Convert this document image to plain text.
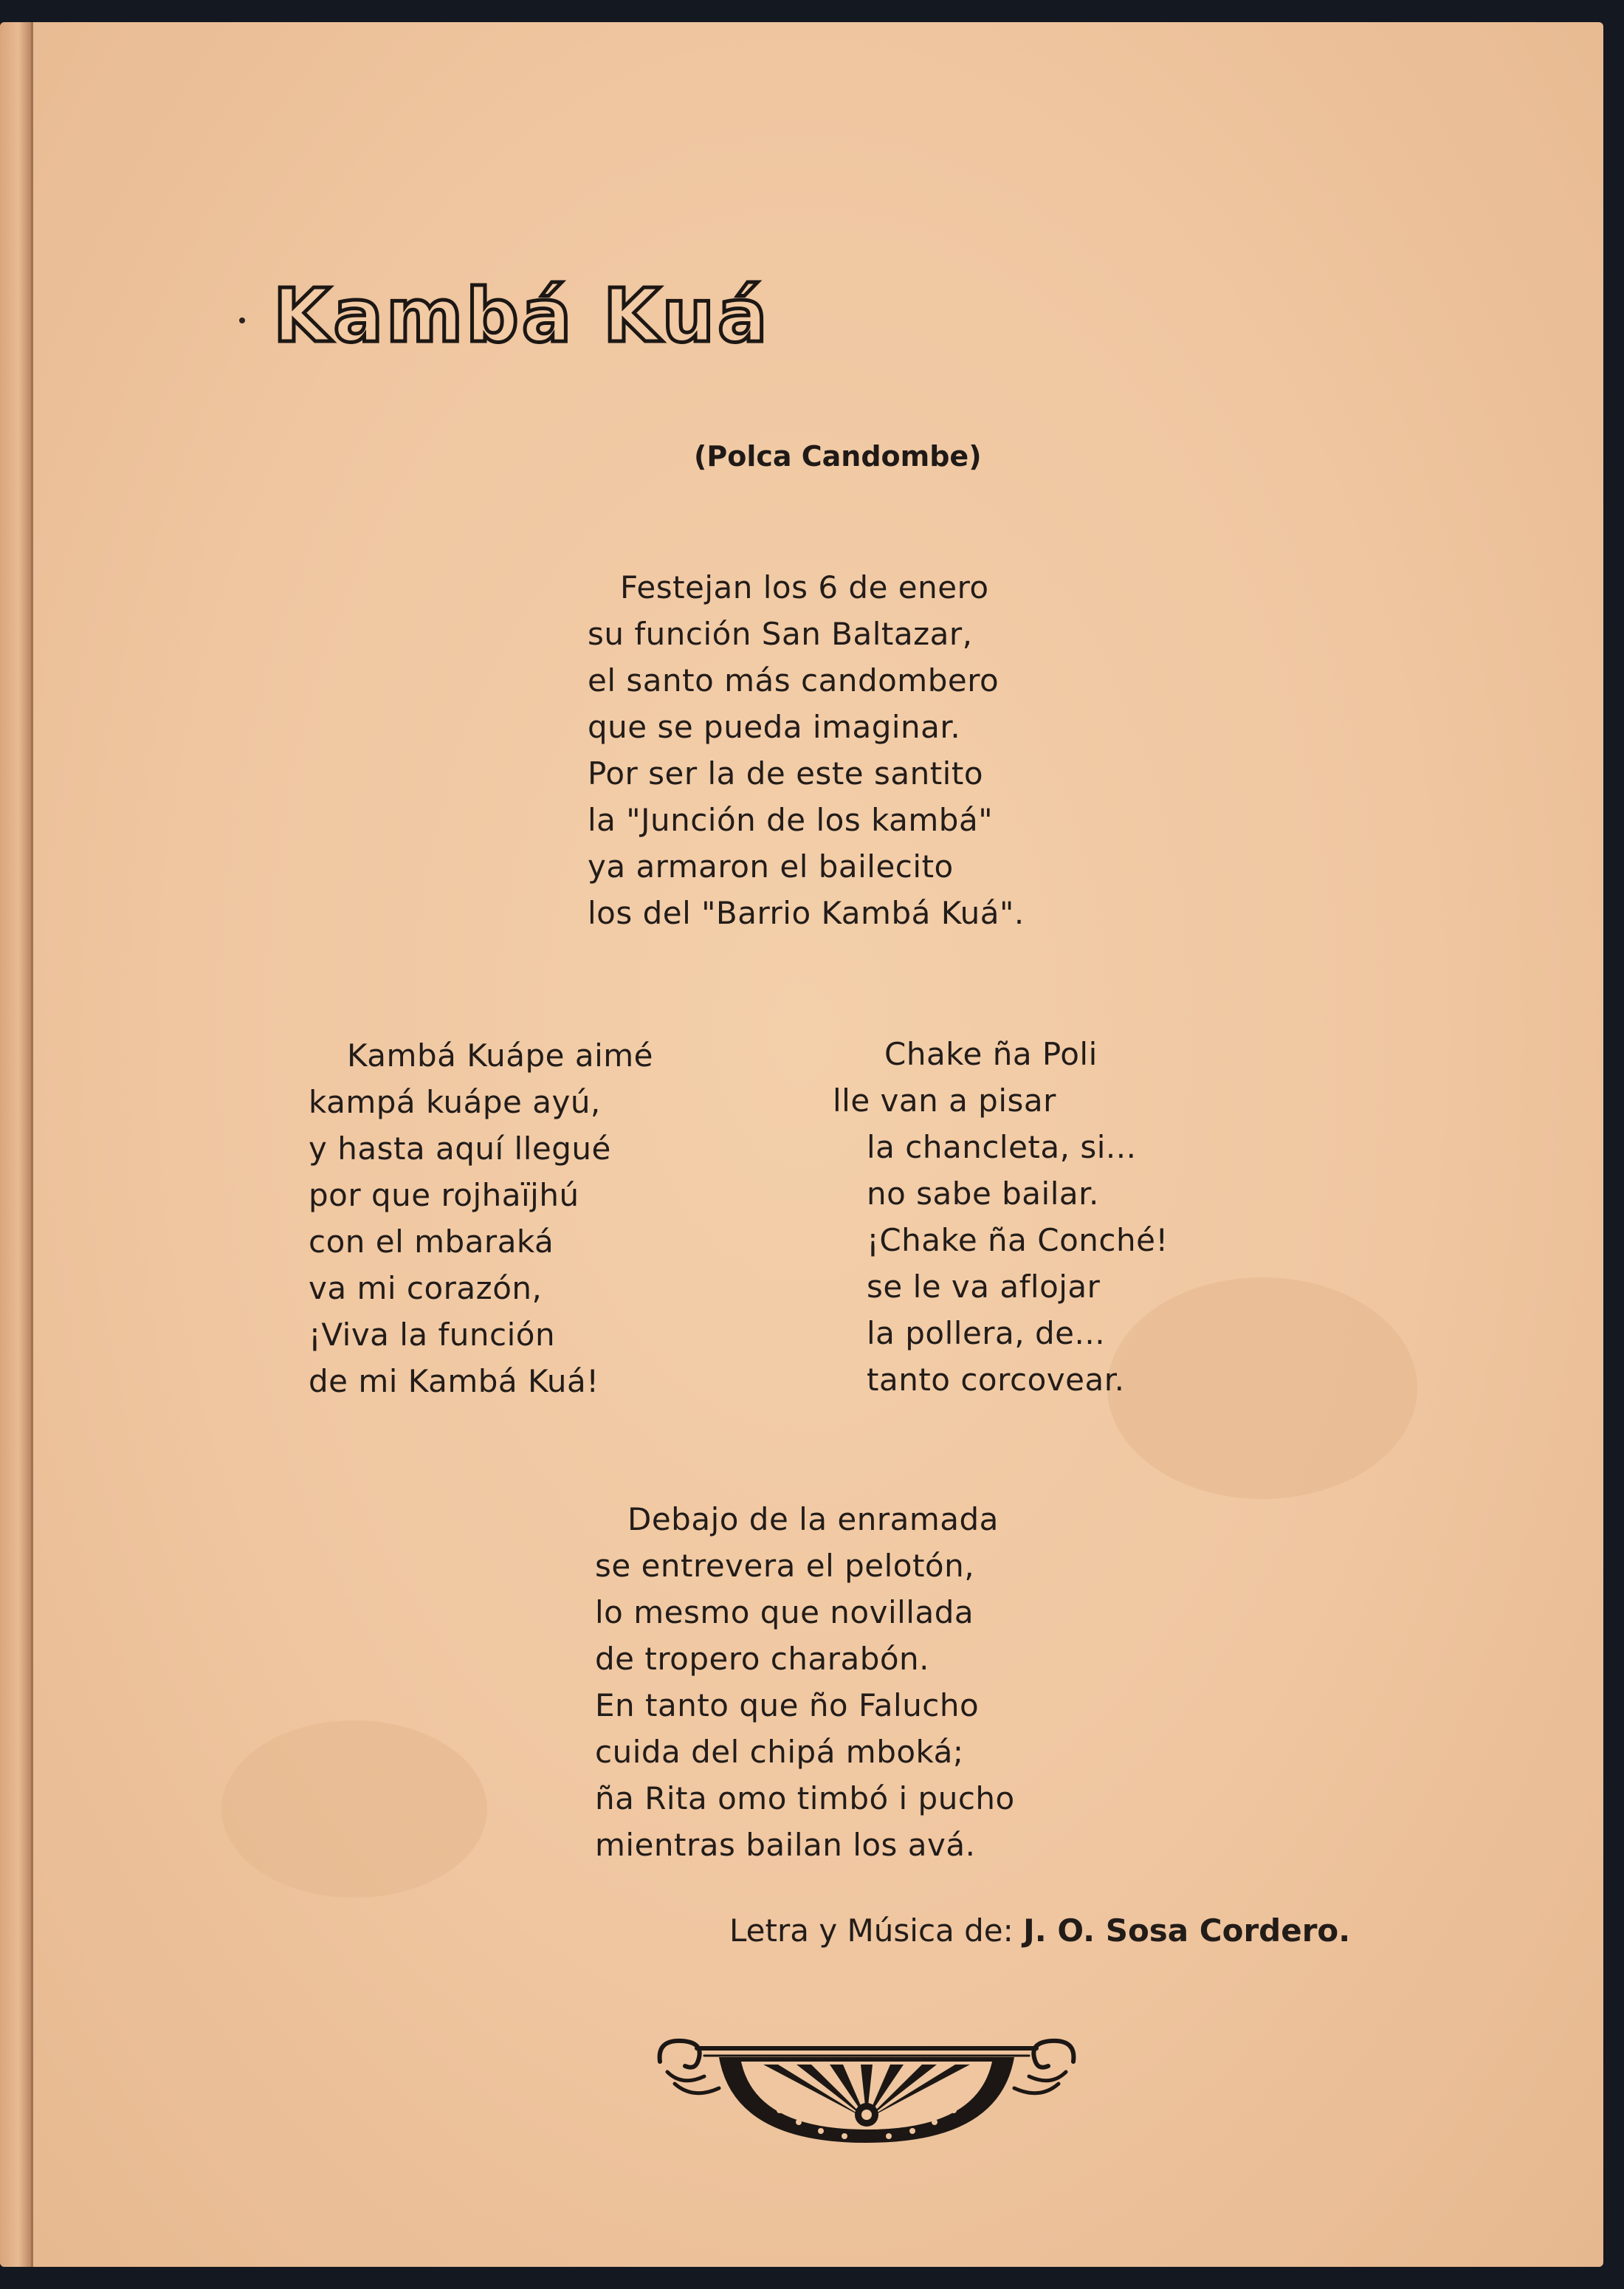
Kambá Kuá
(Polca Candombe)
Festejan los 6 de enero
su función San Baltazar,
el santo más candombero
que se pueda imaginar.
Por ser la de este santito
la "Junción de los kambá"
ya armaron el bailecito
los del "Barrio Kambá Kuá".
Kambá Kuápe aimé
kampá kuápe ayú,
y hasta aquí llegué
por que rojhaïjhú
con el mbaraká
va mi corazón,
¡Viva la función
de mi Kambá Kuá!
Chake ña Poli
lle van a pisar
la chancleta, si...
no sabe bailar.
¡Chake ña Conché!
se le va aflojar
la pollera, de...
tanto corcovear.
Debajo de la enramada
se entrevera el pelotón,
lo mesmo que novillada
de tropero charabón.
En tanto que ño Falucho
cuida del chipá mboká;
ña Rita omo timbó i pucho
mientras bailan los avá.
Letra y Música de: J. O. Sosa Cordero.
